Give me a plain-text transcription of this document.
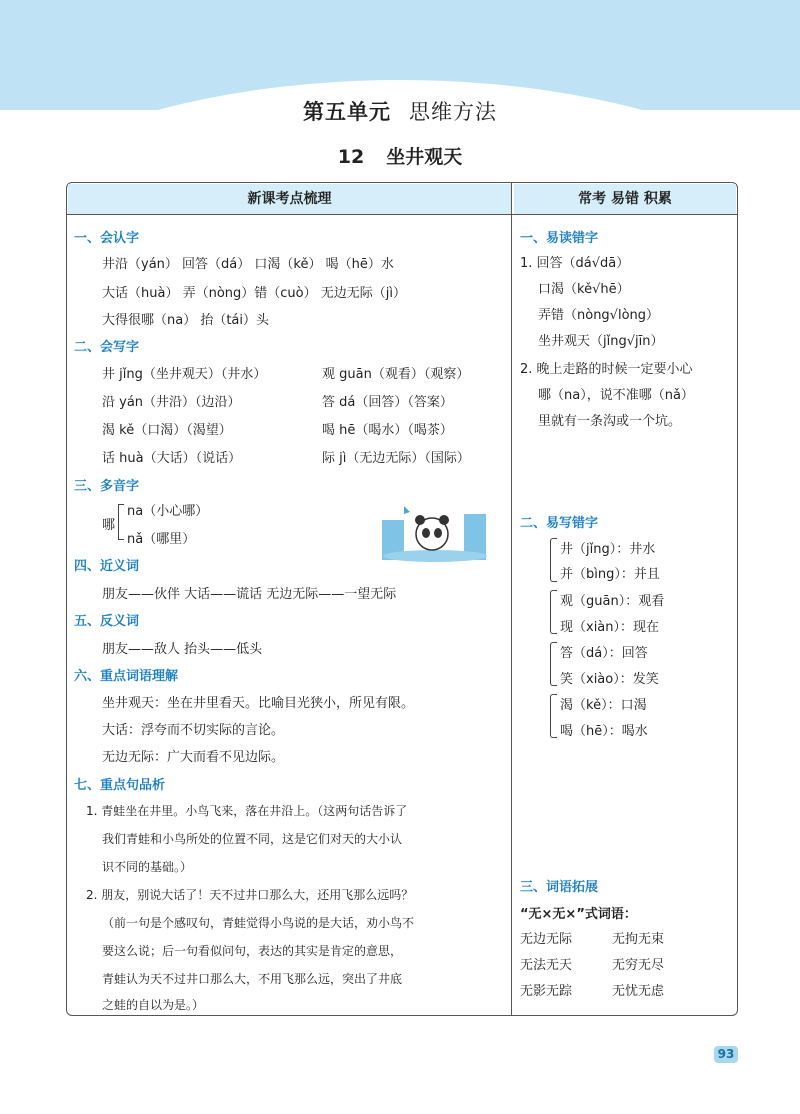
第五单元 思维方法
12 坐井观天
新课考点梳理	常考 易错 积累
一、会认字
井沿（yán） 回答（dá） 口渴（kě） 喝（hē）水
大话（huà） 弄（nòng）错（cuò） 无边无际（jì）
大得很哪（na） 抬（tái）头
二、会写字
井 jǐng（坐井观天）（井水）	观 guān（观看）（观察）
沿 yán（井沿）（边沿）	答 dá（回答）（答案）
渴 kě（口渴）（渴望）	喝 hē（喝水）（喝茶）
话 huà（大话）（说话）	际 jì（无边无际）（国际）
三、多音字
哪
na（小心哪）
nǎ（哪里）
四、近义词
朋友——伙伴 大话——谎话 无边无际——一望无际
五、反义词
朋友——敌人 抬头——低头
六、重点词语理解
坐井观天：坐在井里看天。比喻目光狭小，所见有限。
大话：浮夸而不切实际的言论。
无边无际：广大而看不见边际。
七、重点句品析
1. 青蛙坐在井里。小鸟飞来，落在井沿上。（这两句话告诉了
我们青蛙和小鸟所处的位置不同，这是它们对天的大小认
识不同的基础。）
2. 朋友，别说大话了！天不过井口那么大，还用飞那么远吗？
（前一句是个感叹句，青蛙觉得小鸟说的是大话，劝小鸟不
要这么说；后一句看似问句，表达的其实是肯定的意思，
青蛙认为天不过井口那么大，不用飞那么远，突出了井底
之蛙的自以为是。）
一、易读错字
1. 回答（dá√dā）
口渴（kě√hē）
弄错（nòng√lòng）
坐井观天（jǐng√jīn）
2. 晚上走路的时候一定要小心
哪（na），说不准哪（nǎ）
里就有一条沟或一个坑。
二、易写错字
井（jǐng）：井水
并（bìng）：并且
观（guān）：观看
现（xiàn）：现在
答（dá）：回答
笑（xiào）：发笑
渴（kě）：口渴
喝（hē）：喝水
三、词语拓展
“无×无×”式词语：
无边无际	无拘无束
无法无天	无穷无尽
无影无踪	无忧无虑
93
